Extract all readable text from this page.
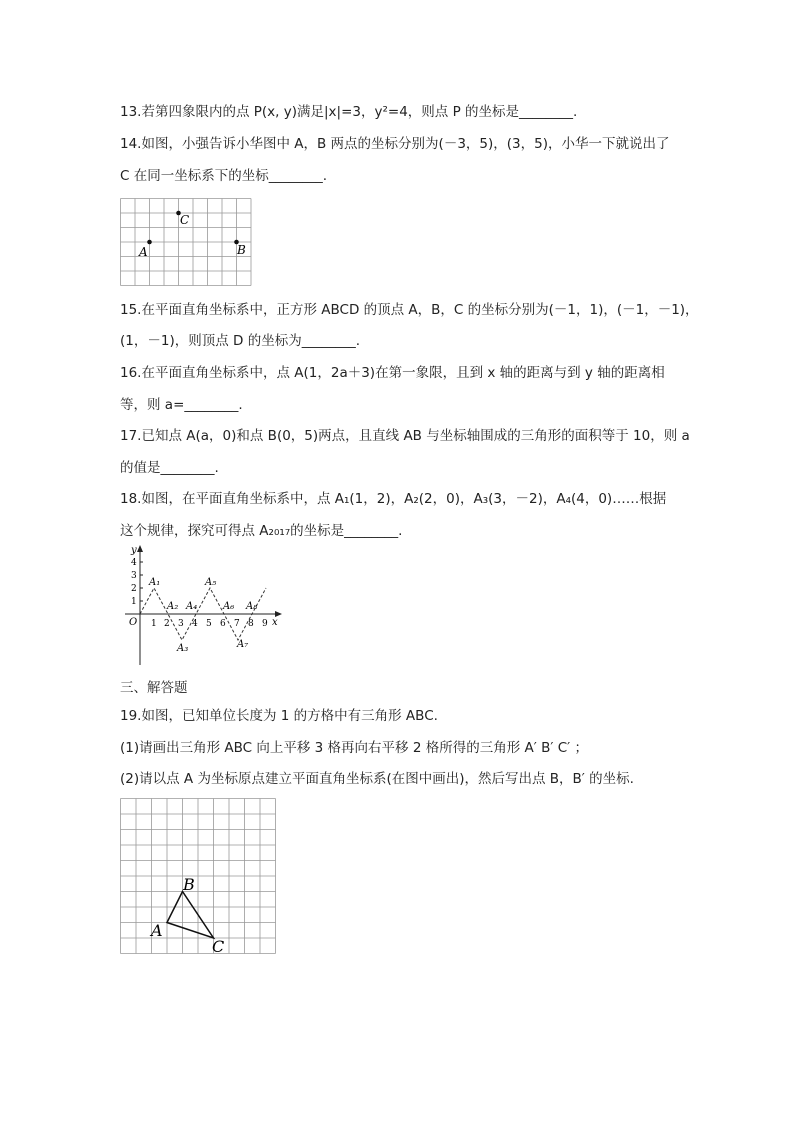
13.若第四象限内的点 P(x, y)满足|x|=3，y²=4，则点 P 的坐标是________.
14.如图，小强告诉小华图中 A，B 两点的坐标分别为(－3，5)，(3，5)，小华一下就说出了
C 在同一坐标系下的坐标________.
A
C
B
15.在平面直角坐标系中，正方形 ABCD 的顶点 A，B，C 的坐标分别为(－1，1)，(－1，－1)，
(1，－1)，则顶点 D 的坐标为________.
16.在平面直角坐标系中，点 A(1，2a＋3)在第一象限，且到 x 轴的距离与到 y 轴的距离相
等，则 a=________.
17.已知点 A(a，0)和点 B(0，5)两点，且直线 AB 与坐标轴围成的三角形的面积等于 10，则 a
的值是________.
18.如图，在平面直角坐标系中，点 A₁(1，2)，A₂(2，0)，A₃(3，－2)，A₄(4，0)……根据
这个规律，探究可得点 A₂₀₁₇的坐标是________.
y
x
O
1
2
3
4
1 2 3 4 5 6 7 8 9
A₁
A₂
A₃
A₄
A₅
A₆
A₇
A₈
三、解答题
19.如图，已知单位长度为 1 的方格中有三角形 ABC.
(1)请画出三角形 ABC 向上平移 3 格再向右平移 2 格所得的三角形 A′ B′ C′ ；
(2)请以点 A 为坐标原点建立平面直角坐标系(在图中画出)，然后写出点 B，B′ 的坐标.
A
B
C
